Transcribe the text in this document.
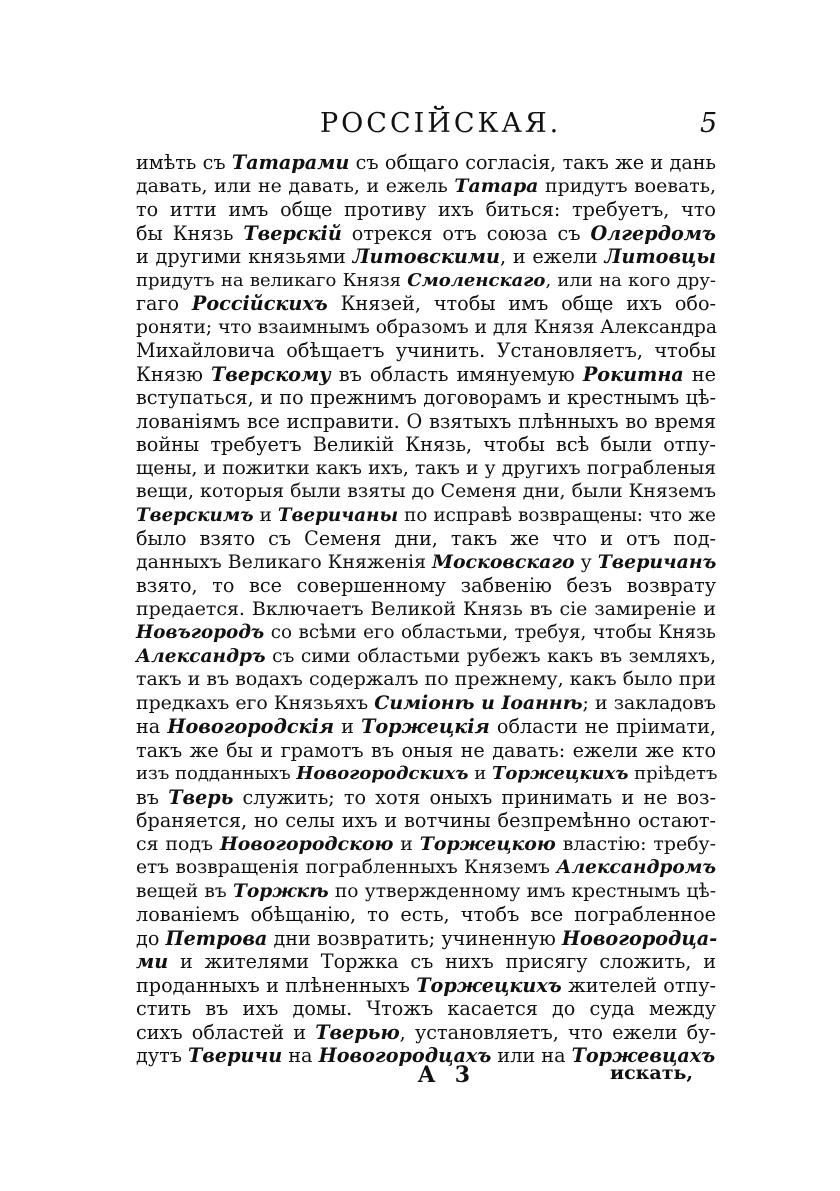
РОССІЙСКАЯ.	5
имѣть съ Татарами съ общаго согласія, такъ же и дань
давать, или не давать, и ежель Татара придутъ воевать,
то итти имъ обще противу ихъ биться: требуетъ, что
бы Князь Тверскій отрекся отъ союза съ Олгердомъ
и другими князьями Литовскими, и ежели Литовцы
придутъ на великаго Князя Смоленскаго, или на кого дру-
гаго Россійскихъ Князей, чтобы имъ обще ихъ обо-
роняти; что взаимнымъ образомъ и для Князя Александра
Михайловича обѣщаетъ учинить. Установляетъ, чтобы
Князю Тверскому въ область имянуемую Рокитна не
вступаться, и по прежнимъ договорамъ и крестнымъ цѣ-
лованіямъ все исправити. О взятыхъ плѣнныхъ во время
войны требуетъ Великій Князь, чтобы всѣ были отпу-
щены, и пожитки какъ ихъ, такъ и у другихъ пограбленыя
вещи, которыя были взяты до Семеня дни, были Княземъ
Тверскимъ и Тверичаны по исправѣ возвращены: что же
было взято съ Семеня дни, такъ же что и отъ под-
данныхъ Великаго Княженія Московскаго у Тверичанъ
взято, то все совершенному забвенію безъ возврату
предается. Включаетъ Великой Князь въ сіе замиреніе и
Новъгородъ со всѣми его областьми, требуя, чтобы Князь
Александръ съ сими областьми рубежъ какъ въ земляхъ,
такъ и въ водахъ содержалъ по прежнему, какъ было при
предкахъ его Князьяхъ Симіонѣ и Іоаннѣ; и закладовъ
на Новогородскія и Торжецкія области не пріимати,
такъ же бы и грамотъ въ оныя не давать: ежели же кто
изъ подданныхъ Новогородскихъ и Торжецкихъ пріѣдетъ
въ Тверь служить; то хотя оныхъ принимать и не воз-
браняется, но селы ихъ и вотчины безпремѣнно остают-
ся подъ Новогородскою и Торжецкою властію: требу-
етъ возвращенія пограбленныхъ Княземъ Александромъ
вещей въ Торжкѣ по утвержденному имъ крестнымъ цѣ-
лованіемъ обѣщанію, то есть, чтобъ все пограбленное
до Петрова дни возвратить; учиненную Новогородца-
ми и жителями Торжка съ нихъ присягу сложить, и
проданныхъ и плѣненныхъ Торжецкихъ жителей отпу-
стить въ ихъ домы. Чтожъ касается до суда между
сихъ областей и Тверью, установляетъ, что ежели бу-
дутъ Тверичи на Новогородцахъ или на Торжевцахъ
A 3	искать,
